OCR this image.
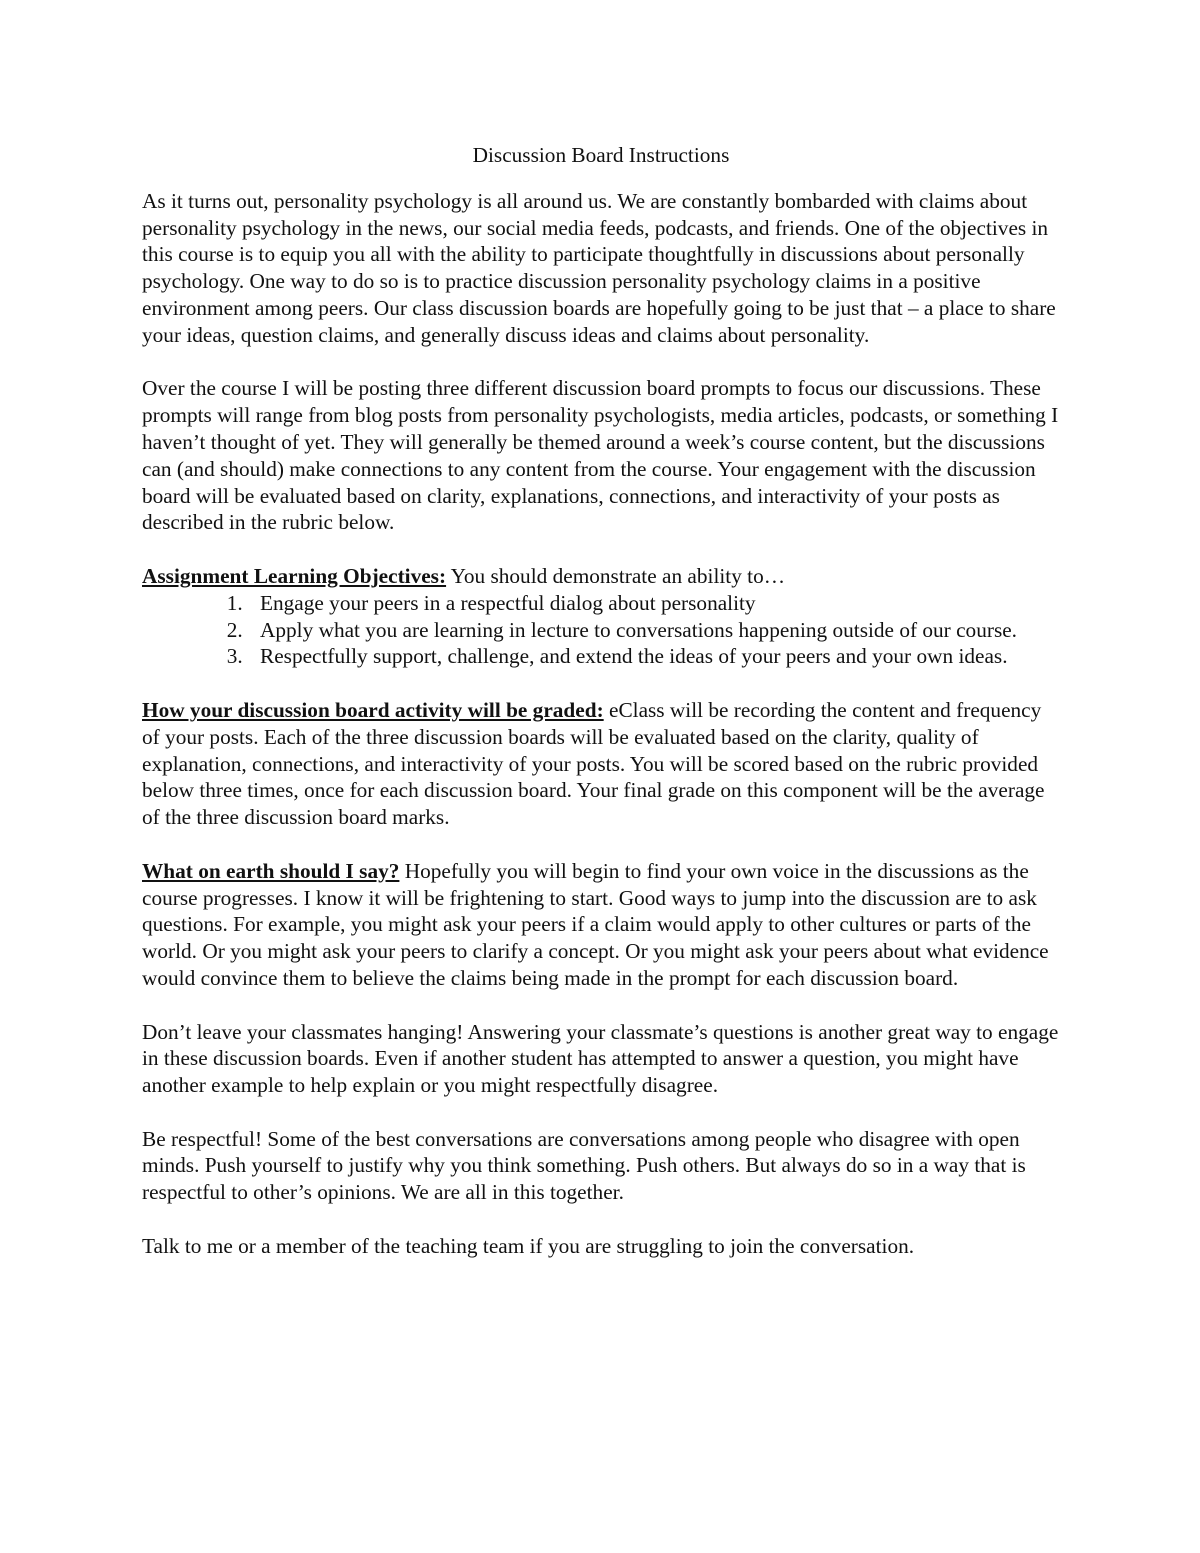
Discussion Board Instructions

As it turns out, personality psychology is all around us. We are constantly bombarded with claims about personality psychology in the news, our social media feeds, podcasts, and friends. One of the objectives in this course is to equip you all with the ability to participate thoughtfully in discussions about personally psychology. One way to do so is to practice discussion personality psychology claims in a positive environment among peers. Our class discussion boards are hopefully going to be just that – a place to share your ideas, question claims, and generally discuss ideas and claims about personality.

Over the course I will be posting three different discussion board prompts to focus our discussions. These prompts will range from blog posts from personality psychologists, media articles, podcasts, or something I haven’t thought of yet. They will generally be themed around a week’s course content, but the discussions can (and should) make connections to any content from the course. Your engagement with the discussion board will be evaluated based on clarity, explanations, connections, and interactivity of your posts as described in the rubric below.

Assignment Learning Objectives: You should demonstrate an ability to…

1. Engage your peers in a respectful dialog about personality
2. Apply what you are learning in lecture to conversations happening outside of our course.
3. Respectfully support, challenge, and extend the ideas of your peers and your own ideas.

How your discussion board activity will be graded: eClass will be recording the content and frequency of your posts. Each of the three discussion boards will be evaluated based on the clarity, quality of explanation, connections, and interactivity of your posts. You will be scored based on the rubric provided below three times, once for each discussion board. Your final grade on this component will be the average of the three discussion board marks.

What on earth should I say? Hopefully you will begin to find your own voice in the discussions as the course progresses. I know it will be frightening to start. Good ways to jump into the discussion are to ask questions. For example, you might ask your peers if a claim would apply to other cultures or parts of the world. Or you might ask your peers to clarify a concept. Or you might ask your peers about what evidence would convince them to believe the claims being made in the prompt for each discussion board.

Don’t leave your classmates hanging! Answering your classmate’s questions is another great way to engage in these discussion boards. Even if another student has attempted to answer a question, you might have another example to help explain or you might respectfully disagree.

Be respectful! Some of the best conversations are conversations among people who disagree with open minds. Push yourself to justify why you think something. Push others. But always do so in a way that is respectful to other’s opinions. We are all in this together.

Talk to me or a member of the teaching team if you are struggling to join the conversation.
